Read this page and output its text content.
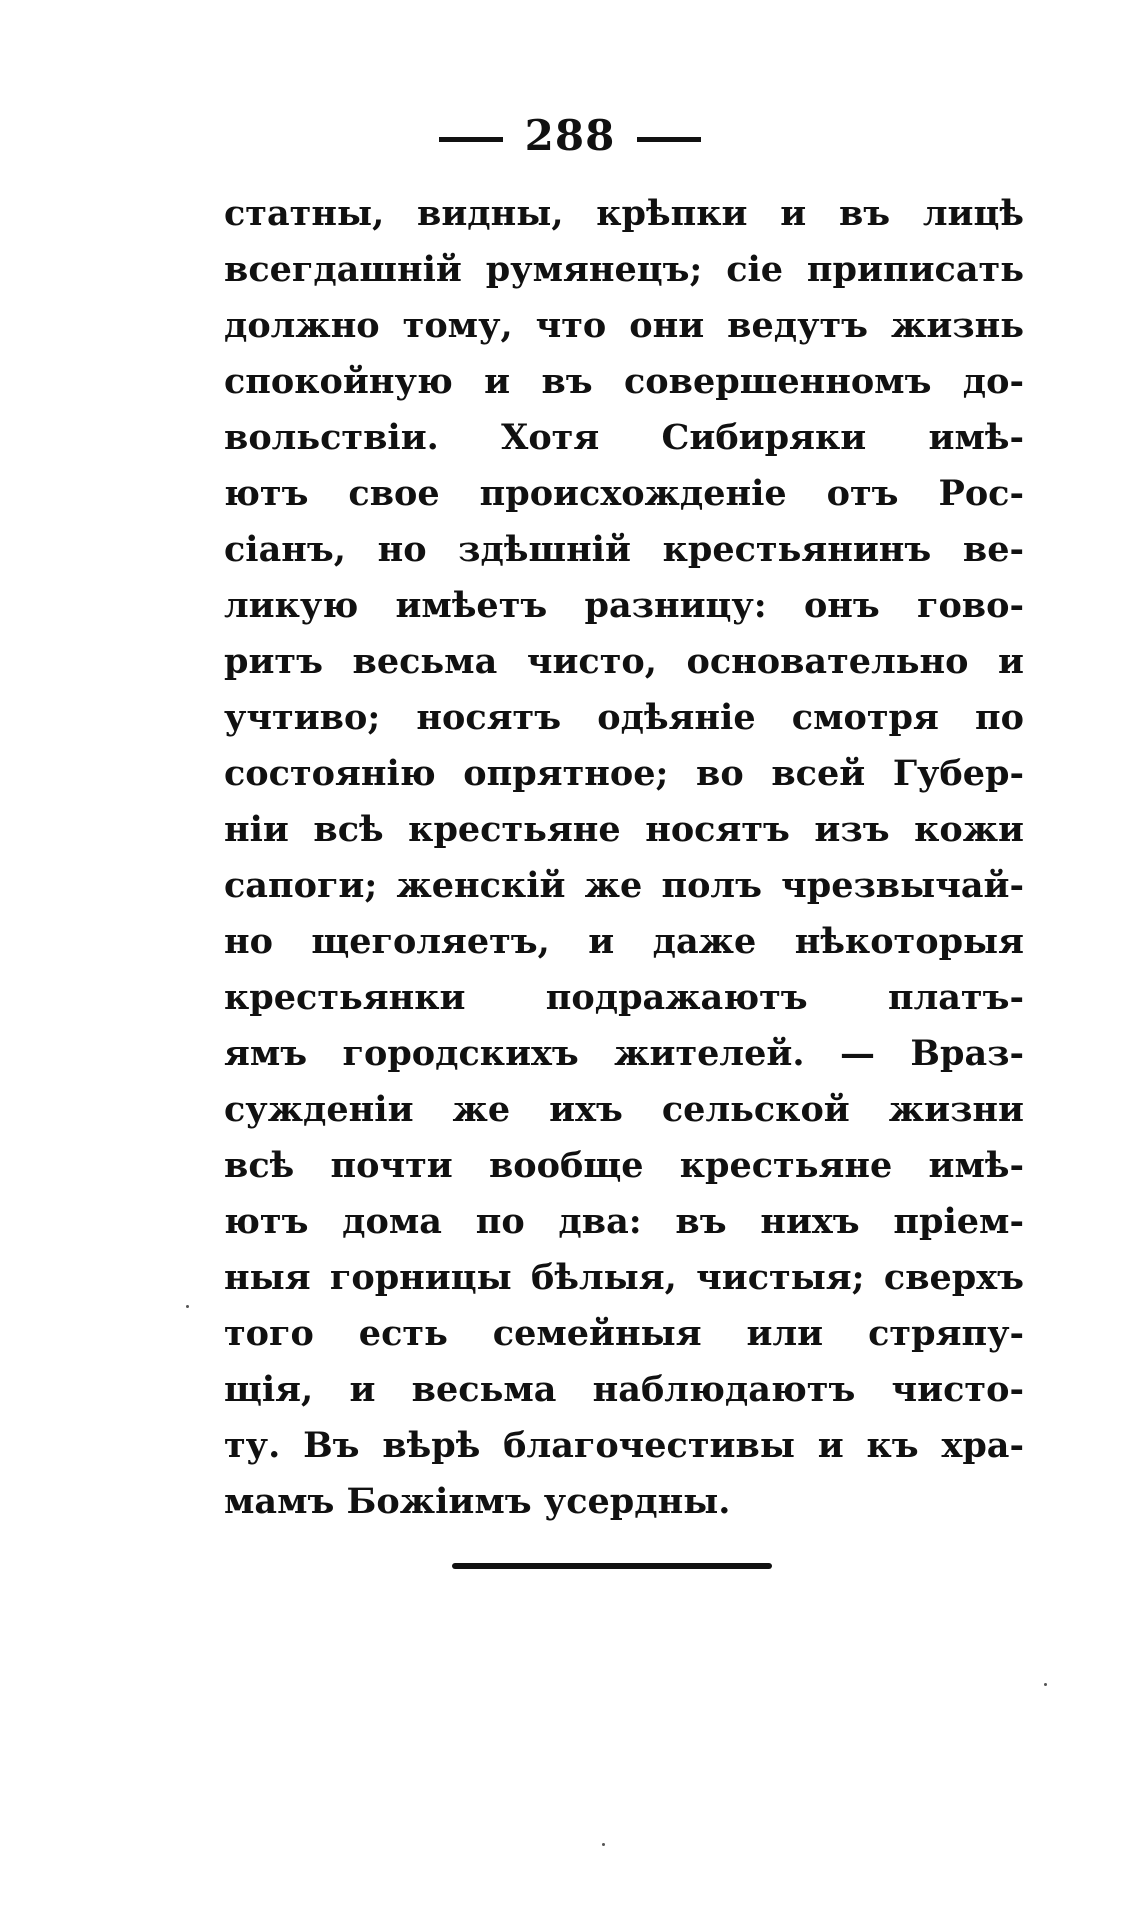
288
статны, видны, крѣпки и въ лицѣ
всегдашній румянецъ; сіе приписать
должно тому, что они ведутъ жизнь
спокойную и въ совершенномъ до-
вольствіи. Хотя Сибиряки имѣ-
ютъ свое происхожденіе отъ Рос-
сіанъ, но здѣшній крестьянинъ ве-
ликую имѣетъ разницу: онъ гово-
ритъ весьма чисто, основательно и
учтиво; носятъ одѣяніе смотря по
состоянію опрятное; во всей Губер-
ніи всѣ крестьяне носятъ изъ кожи
сапоги; женскій же полъ чрезвычай-
но щеголяетъ, и даже нѣкоторыя
крестьянки подражаютъ платъ-
ямъ городскихъ жителей. — Враз-
сужденіи же ихъ сельской жизни
всѣ почти вообще крестьяне имѣ-
ютъ дома по два: въ нихъ пріем-
ныя горницы бѣлыя, чистыя; сверхъ
того есть семейныя или стряпу-
щія, и весьма наблюдаютъ чисто-
ту. Въ вѣрѣ благочестивы и къ хра-
мамъ Божіимъ усердны.
